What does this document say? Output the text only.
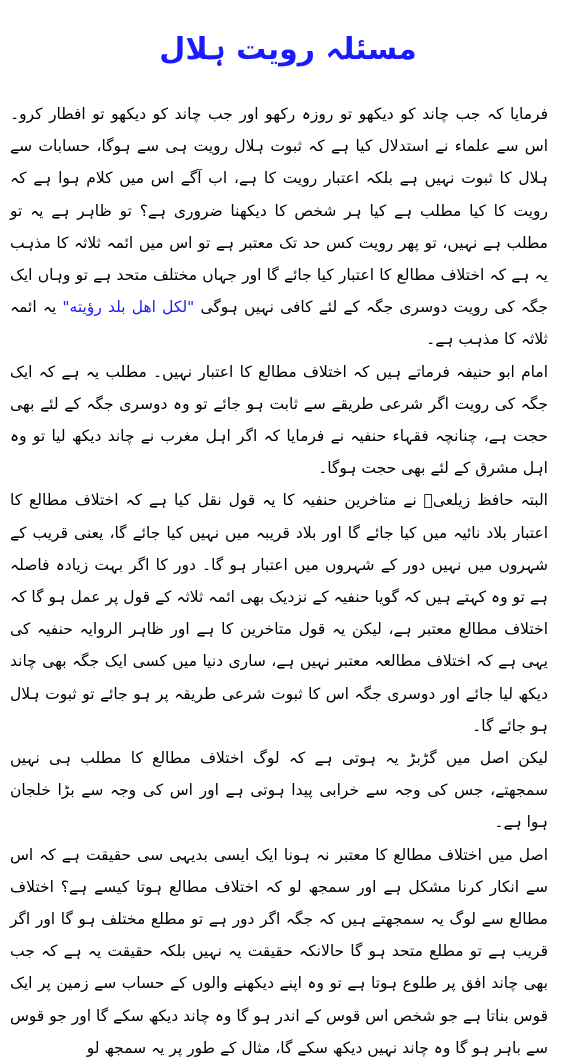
مسئلہ رویت ہلال

فرمایا کہ جب چاند کو دیکھو تو روزہ رکھو اور جب چاند کو دیکھو تو افطار کرو۔ اس سے علماء نے استدلال کیا ہے کہ ثبوت ہلال رویت ہی سے ہوگا، حسابات سے ہلال کا ثبوت نہیں ہے بلکہ اعتبار رویت کا ہے، اب آگے اس میں کلام ہوا ہے کہ رویت کا کیا مطلب ہے کیا ہر شخص کا دیکھنا ضروری ہے؟ تو ظاہر ہے یہ تو مطلب ہے نہیں، تو پھر رویت کس حد تک معتبر ہے تو اس میں ائمہ ثلاثہ کا مذہب یہ ہے کہ اختلاف مطالع کا اعتبار کیا جائے گا اور جہاں مختلف متحد ہے تو وہاں ایک جگہ کی رویت دوسری جگہ کے لئے کافی نہیں ہوگی "لكل اهل بلد رؤيته" یہ ائمہ ثلاثہ کا مذہب ہے۔

امام ابو حنیفہ فرماتے ہیں کہ اختلاف مطالع کا اعتبار نہیں۔ مطلب یہ ہے کہ ایک جگہ کی رویت اگر شرعی طریقے سے ثابت ہو جائے تو وہ دوسری جگہ کے لئے بھی حجت ہے، چنانچہ فقہاء حنفیہ نے فرمایا کہ اگر اہل مغرب نے چاند دیکھ لیا تو وہ اہل مشرق کے لئے بھی حجت ہوگا۔

البتہ حافظ زیلعیؒ نے متاخرین حنفیہ کا یہ قول نقل کیا ہے کہ اختلاف مطالع کا اعتبار بلاد نائیہ میں کیا جائے گا اور بلاد قریبہ میں نہیں کیا جائے گا، یعنی قریب کے شہروں میں نہیں دور کے شہروں میں اعتبار ہو گا۔ دور کا اگر بہت زیادہ فاصلہ ہے تو وہ کہتے ہیں کہ گویا حنفیہ کے نزدیک بھی ائمہ ثلاثہ کے قول پر عمل ہو گا کہ اختلاف مطالع معتبر ہے، لیکن یہ قول متاخرین کا ہے اور ظاہر الروایہ حنفیہ کی یہی ہے کہ اختلاف مطالعہ معتبر نہیں ہے، ساری دنیا میں کسی ایک جگہ بھی چاند دیکھ لیا جائے اور دوسری جگہ اس کا ثبوت شرعی طریقہ پر ہو جائے تو ثبوت ہلال ہو جائے گا۔

لیکن اصل میں گڑبڑ یہ ہوتی ہے کہ لوگ اختلاف مطالع کا مطلب ہی نہیں سمجھتے، جس کی وجہ سے خرابی پیدا ہوتی ہے اور اس کی وجہ سے بڑا خلجان ہوا ہے۔

اصل میں اختلاف مطالع کا معتبر نہ ہونا ایک ایسی بدیہی سی حقیقت ہے کہ اس سے انکار کرنا مشکل ہے اور سمجھ لو کہ اختلاف مطالع ہوتا کیسے ہے؟ اختلاف مطالع سے لوگ یہ سمجھتے ہیں کہ جگہ اگر دور ہے تو مطلع مختلف ہو گا اور اگر قریب ہے تو مطلع متحد ہو گا حالانکہ حقیقت یہ نہیں بلکہ حقیقت یہ ہے کہ جب بھی چاند افق پر طلوع ہوتا ہے تو وہ اپنے دیکھنے والوں کے حساب سے زمین پر ایک قوس بناتا ہے جو شخص اس قوس کے اندر ہو گا وہ چاند دیکھ سکے گا اور جو قوس سے باہر ہو گا وہ چاند نہیں دیکھ سکے گا، مثال کے طور پر یہ سمجھ لو
